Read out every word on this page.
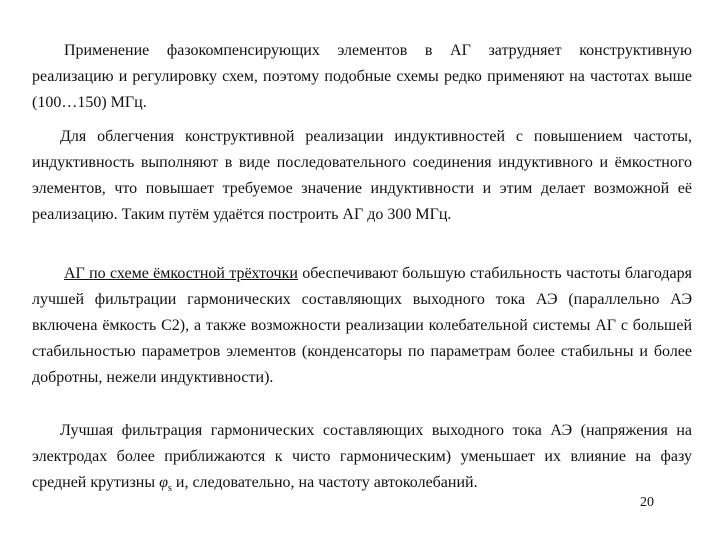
Применение фазокомпенсирующих элементов в АГ затрудняет конструктивную реализацию и регулировку схем, поэтому подобные схемы редко применяют на частотах выше (100…150) МГц.

Для облегчения конструктивной реализации индуктивностей с повышением частоты, индуктивность выполняют в виде последовательного соединения индуктивного и ёмкостного элементов, что повышает требуемое значение индуктивности и этим делает возможной её реализацию. Таким путём удаётся построить АГ до 300 МГц.

АГ по схеме ёмкостной трёхточки обеспечивают большую стабильность частоты благодаря лучшей фильтрации гармонических составляющих выходного тока АЭ (параллельно АЭ включена ёмкость С2), а также возможности реализации колебательной системы АГ с большей стабильностью параметров элементов (конденсаторы по параметрам более стабильны и более добротны, нежели индуктивности).

Лучшая фильтрация гармонических составляющих выходного тока АЭ (напряжения на электродах более приближаются к чисто гармоническим) уменьшает их влияние на фазу средней крутизны $\varphi_s$ и, следовательно, на частоту автоколебаний.

20
